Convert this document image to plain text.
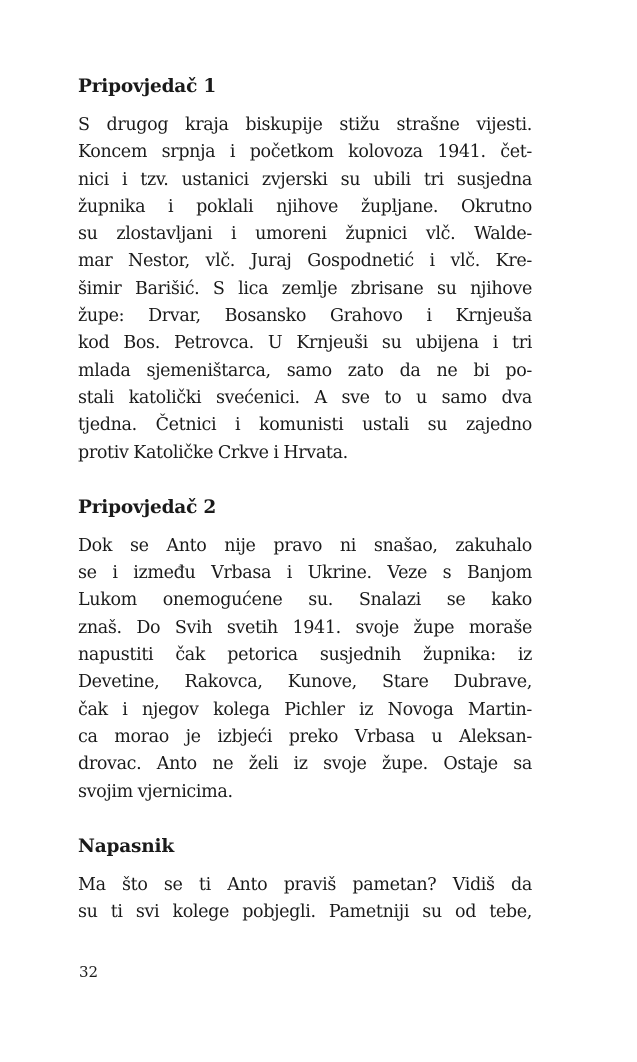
Pripovjedač 1

S drugog kraja biskupije stižu strašne vijesti.
Koncem srpnja i početkom kolovoza 1941. čet-
nici i tzv. ustanici zvjerski su ubili tri susjedna
župnika i poklali njihove župljane. Okrutno
su zlostavljani i umoreni župnici vlč. Walde-
mar Nestor, vlč. Juraj Gospodnetić i vlč. Kre-
šimir Barišić. S lica zemlje zbrisane su njihove
župe: Drvar, Bosansko Grahovo i Krnjeuša
kod Bos. Petrovca. U Krnjeuši su ubijena i tri
mlada sjemeništarca, samo zato da ne bi po-
stali katolički svećenici. A sve to u samo dva
tjedna. Četnici i komunisti ustali su zajedno
protiv Katoličke Crkve i Hrvata.

Pripovjedač 2

Dok se Anto nije pravo ni snašao, zakuhalo
se i između Vrbasa i Ukrine. Veze s Banjom
Lukom onemogućene su. Snalazi se kako
znaš. Do Svih svetih 1941. svoje župe moraše
napustiti čak petorica susjednih župnika: iz
Devetine, Rakovca, Kunove, Stare Dubrave,
čak i njegov kolega Pichler iz Novoga Martin-
ca morao je izbjeći preko Vrbasa u Aleksan-
drovac. Anto ne želi iz svoje župe. Ostaje sa
svojim vjernicima.

Napasnik

Ma što se ti Anto praviš pametan? Vidiš da
su ti svi kolege pobjegli. Pametniji su od tebe,

32
